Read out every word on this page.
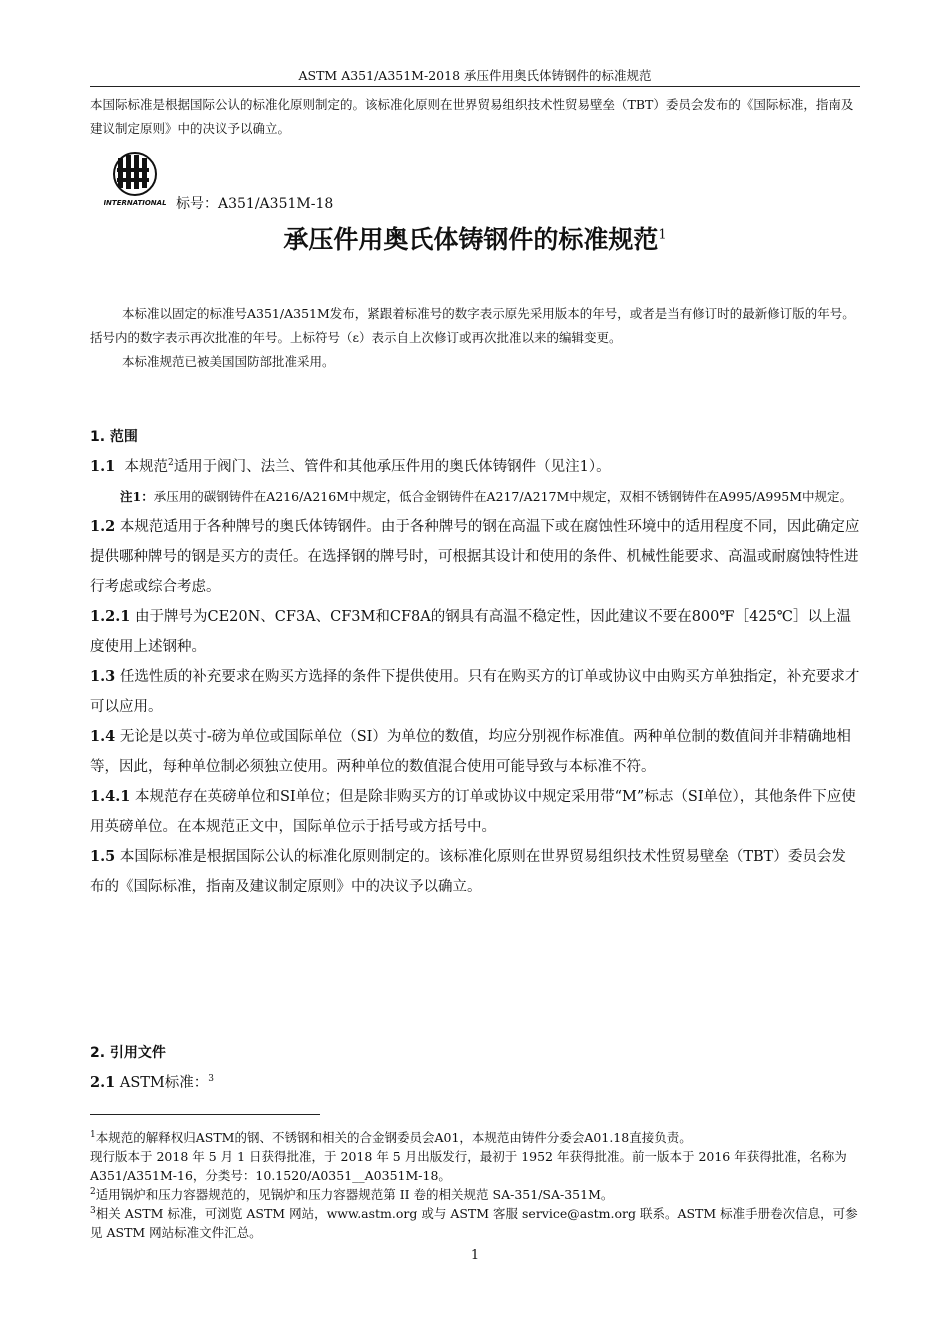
ASTM A351/A351M-2018 承压件用奥氏体铸钢件的标准规范
本国际标准是根据国际公认的标准化原则制定的。该标准化原则在世界贸易组织技术性贸易壁垒（TBT）委员会发布的《国际标准，指南及建议制定原则》中的决议予以确立。
INTERNATIONAL 标号：A351/A351M-18
承压件用奥氏体铸钢件的标准规范$^1$

本标准以固定的标准号A351/A351M发布，紧跟着标准号的数字表示原先采用版本的年号，或者是当有修订时的最新修订版的年号。括号内的数字表示再次批准的年号。上标符号（ε）表示自上次修订或再次批准以来的编辑变更。

本标准规范已被美国国防部批准采用。

1. 范围

1.1 本规范$^2$适用于阀门、法兰、管件和其他承压件用的奥氏体铸钢件（见注1）。

注1：承压用的碳钢铸件在A216/A216M中规定，低合金钢铸件在A217/A217M中规定，双相不锈钢铸件在A995/A995M中规定。

1.2 本规范适用于各种牌号的奥氏体铸钢件。由于各种牌号的钢在高温下或在腐蚀性环境中的适用程度不同，因此确定应提供哪种牌号的钢是买方的责任。在选择钢的牌号时，可根据其设计和使用的条件、机械性能要求、高温或耐腐蚀特性进行考虑或综合考虑。

1.2.1 由于牌号为CE20N、CF3A、CF3M和CF8A的钢具有高温不稳定性，因此建议不要在800℉［425℃］以上温度使用上述钢种。

1.3 任选性质的补充要求在购买方选择的条件下提供使用。只有在购买方的订单或协议中由购买方单独指定，补充要求才可以应用。

1.4 无论是以英寸-磅为单位或国际单位（SI）为单位的数值，均应分别视作标准值。两种单位制的数值间并非精确地相等，因此，每种单位制必须独立使用。两种单位的数值混合使用可能导致与本标准不符。

1.4.1 本规范存在英磅单位和SI单位；但是除非购买方的订单或协议中规定采用带“M”标志（SI单位），其他条件下应使用英磅单位。在本规范正文中，国际单位示于括号或方括号中。

1.5 本国际标准是根据国际公认的标准化原则制定的。该标准化原则在世界贸易组织技术性贸易壁垒（TBT）委员会发布的《国际标准，指南及建议制定原则》中的决议予以确立。

2. 引用文件

2.1 ASTM标准：$^3$

$^1$本规范的解释权归ASTM的钢、不锈钢和相关的合金钢委员会A01，本规范由铸件分委会A01.18直接负责。

现行版本于 2018 年 5 月 1 日获得批准，于 2018 年 5 月出版发行，最初于 1952 年获得批准。前一版本于 2016 年获得批准，名称为 A351/A351M-16，分类号：10.1520/A0351__A0351M-18。

$^2$适用锅炉和压力容器规范的，见锅炉和压力容器规范第 II 卷的相关规范 SA-351/SA-351M。

$^3$相关 ASTM 标准，可浏览 ASTM 网站，www.astm.org 或与 ASTM 客服 service@astm.org 联系。ASTM 标准手册卷次信息，可参见 ASTM 网站标准文件汇总。

1
